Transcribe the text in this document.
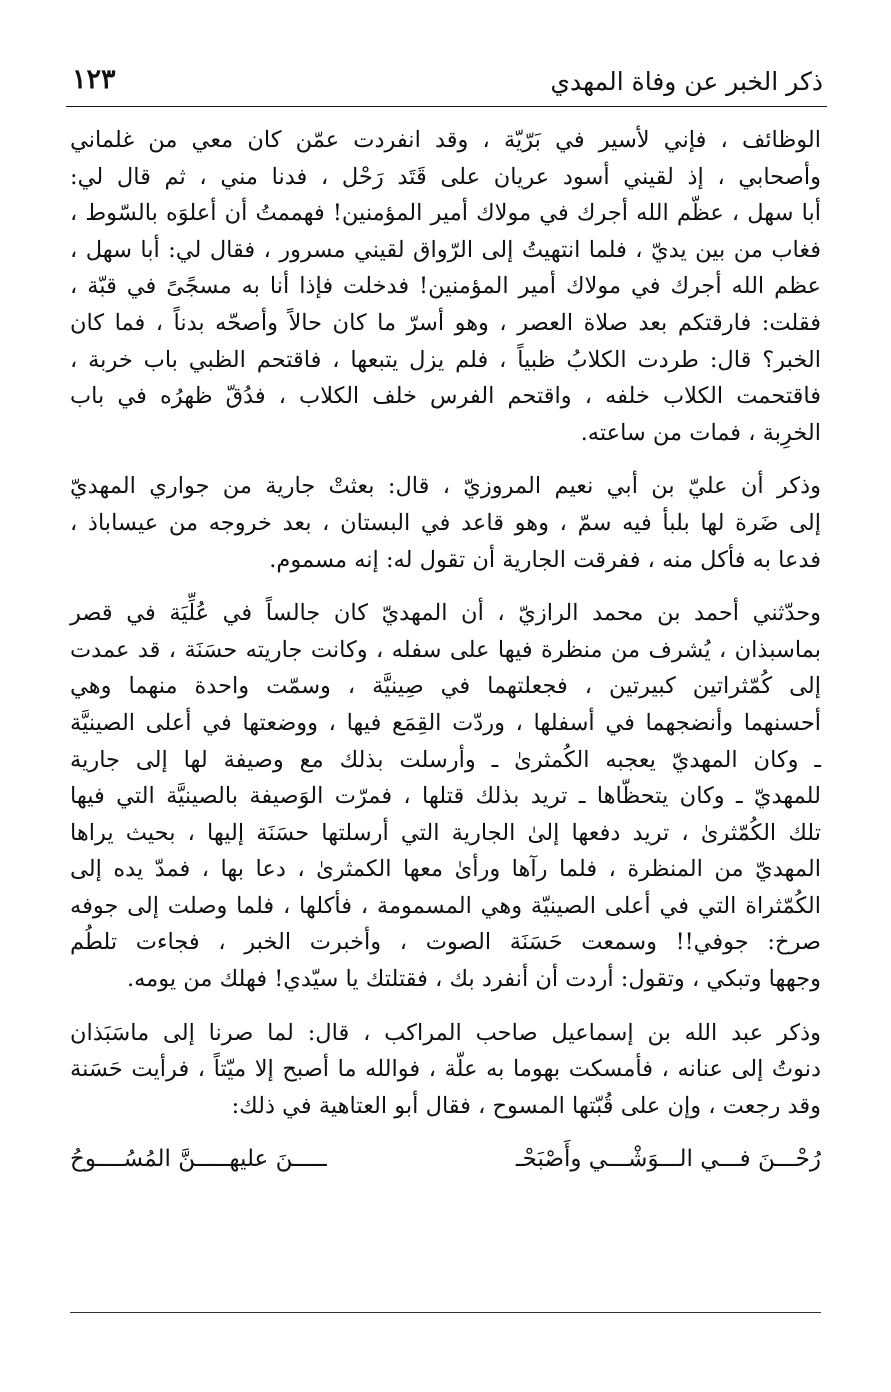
ذكر الخبر عن وفاة المهدي
١٢٣

الوظائف ، فإني لأسير في بَرّيّة ، وقد انفردت عمّن كان معي من غلماني
وأصحابي ، إذ لقيني أسود عريان على قَتَد رَحْل ، فدنا مني ، ثم قال لي:
أبا سهل ، عظّم الله أجرك في مولاك أمير المؤمنين! فهممتُ أن أعلوَه بالسّوط ،
فغاب من بين يديّ ، فلما انتهيتُ إلى الرّواق لقيني مسرور ، فقال لي: أبا سهل ،
عظم الله أجرك في مولاك أمير المؤمنين! فدخلت فإذا أنا به مسجًىً في قبّة ،
فقلت: فارقتكم بعد صلاة العصر ، وهو أسرّ ما كان حالاً وأصحّه بدناً ، فما كان
الخبر؟ قال: طردت الكلابُ ظبياً ، فلم يزل يتبعها ، فاقتحم الظبي باب خربة ،
فاقتحمت الكلاب خلفه ، واقتحم الفرس خلف الكلاب ، فدُقّ ظهرُه في باب
الخرِبة ، فمات من ساعته.

وذكر أن عليّ بن أبي نعيم المروزيّ ، قال: بعثتْ جارية من جواري المهديّ
إلى ضَرة لها بلبأ فيه سمّ ، وهو قاعد في البستان ، بعد خروجه من عيساباذ ،
فدعا به فأكل منه ، ففرقت الجارية أن تقول له: إنه مسموم.

وحدّثني أحمد بن محمد الرازيّ ، أن المهديّ كان جالساً في عُلِّيَة في قصر
بماسبذان ، يُشرف من منظرة فيها على سفله ، وكانت جاريته حسَنَة ، قد عمدت
إلى كُمّثراتين كبيرتين ، فجعلتهما في صِينيَّة ، وسمّت واحدة منهما وهي
أحسنهما وأنضجهما في أسفلها ، وردّت القِمَع فيها ، ووضعتها في أعلى الصينيَّة
ـ وكان المهديّ يعجبه الكُمثرىٰ ـ وأرسلت بذلك مع وصيفة لها إلى جارية
للمهديّ ـ وكان يتحظّاها ـ تريد بذلك قتلها ، فمرّت الوَصيفة بالصينيَّة التي فيها
تلك الكُمّثرىٰ ، تريد دفعها إلىٰ الجارية التي أرسلتها حسَنَة إليها ، بحيث يراها
المهديّ من المنظرة ، فلما رآها ورأىٰ معها الكمثرىٰ ، دعا بها ، فمدّ يده إلى
الكُمّثراة التي في أعلى الصينيّة وهي المسمومة ، فأكلها ، فلما وصلت إلى جوفه
صرخ: جوفي!! وسمعت حَسَنَة الصوت ، وأخبرت الخبر ، فجاءت تلطُم
وجهها وتبكي ، وتقول: أردت أن أنفرد بك ، فقتلتك يا سيّدي! فهلك من يومه.

وذكر عبد الله بن إسماعيل صاحب المراكب ، قال: لما صرنا إلى ماسَبَذان
دنوتُ إلى عنانه ، فأمسكت بهوما به علّة ، فوالله ما أصبح إلا ميّتاً ، فرأيت حَسَنة
وقد رجعت ، وإن على قُبّتها المسوح ، فقال أبو العتاهية في ذلك:

رُحْـــنَ فـــي الـــوَشْـــي وأَصْبَحْـ
ـــــنَ عليهـــــنَّ المُسُــــوحُ
